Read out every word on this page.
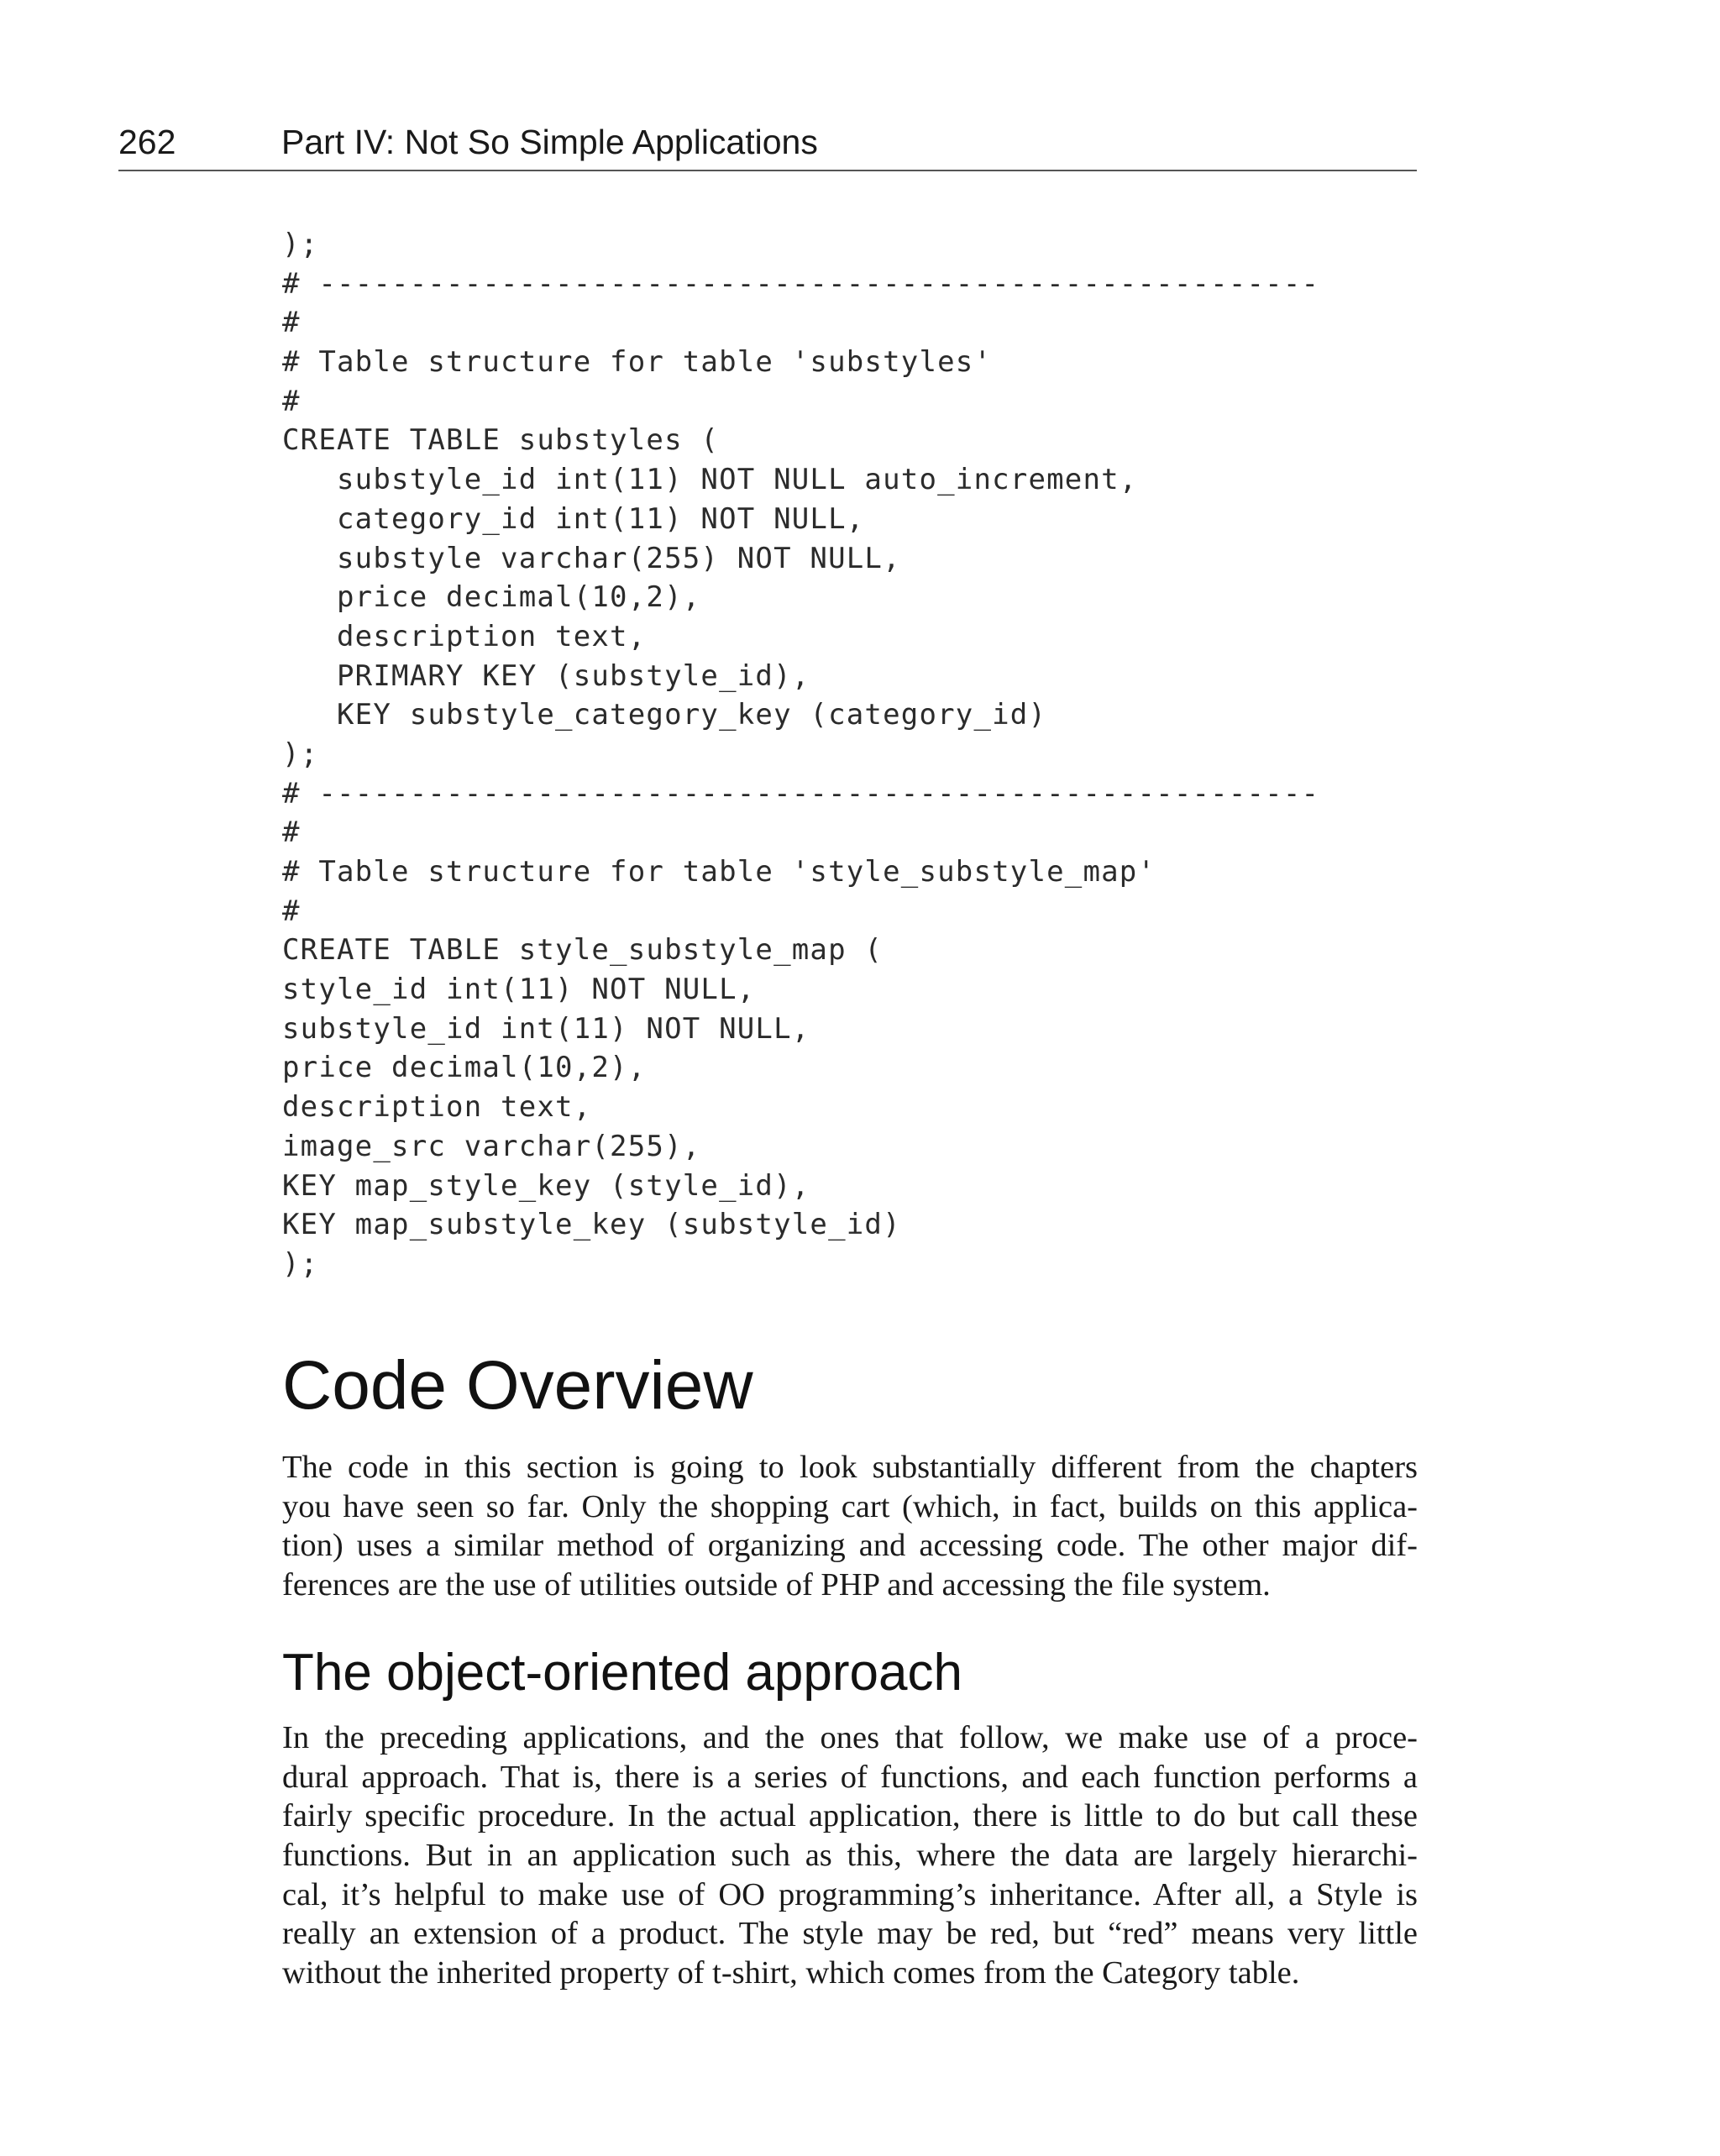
262	Part IV: Not So Simple Applications
);
# -------------------------------------------------------
#
# Table structure for table 'substyles'
#
CREATE TABLE substyles (
substyle_id int(11) NOT NULL auto_increment,
category_id int(11) NOT NULL,
substyle varchar(255) NOT NULL,
price decimal(10,2),
description text,
PRIMARY KEY (substyle_id),
KEY substyle_category_key (category_id)
);
# -------------------------------------------------------
#
# Table structure for table 'style_substyle_map'
#
CREATE TABLE style_substyle_map (
style_id int(11) NOT NULL,
substyle_id int(11) NOT NULL,
price decimal(10,2),
description text,
image_src varchar(255),
KEY map_style_key (style_id),
KEY map_substyle_key (substyle_id)
);
Code Overview
The code in this section is going to look substantially different from the chapters
you have seen so far. Only the shopping cart (which, in fact, builds on this applica-
tion) uses a similar method of organizing and accessing code. The other major dif-
ferences are the use of utilities outside of PHP and accessing the file system.
The object-oriented approach
In the preceding applications, and the ones that follow, we make use of a proce-
dural approach. That is, there is a series of functions, and each function performs a
fairly specific procedure. In the actual application, there is little to do but call these
functions. But in an application such as this, where the data are largely hierarchi-
cal, it’s helpful to make use of OO programming’s inheritance. After all, a Style is
really an extension of a product. The style may be red, but “red” means very little
without the inherited property of t-shirt, which comes from the Category table.
